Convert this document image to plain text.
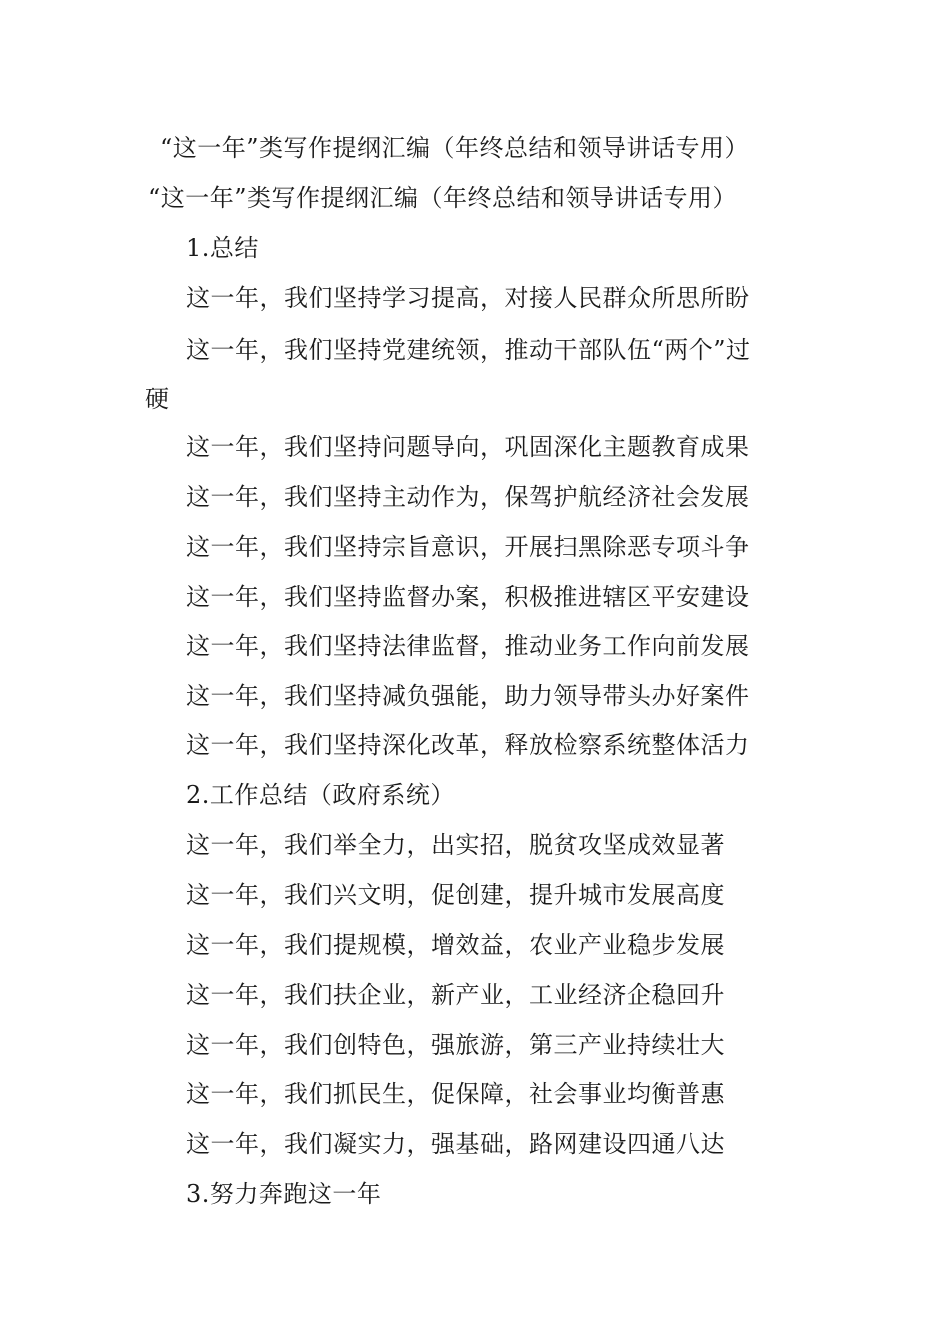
“这一年”类写作提纲汇编（年终总结和领导讲话专用）
“这一年”类写作提纲汇编（年终总结和领导讲话专用）
1.总结
这一年，我们坚持学习提高，对接人民群众所思所盼
这一年，我们坚持党建统领，推动干部队伍“两个”过
硬
这一年，我们坚持问题导向，巩固深化主题教育成果
这一年，我们坚持主动作为，保驾护航经济社会发展
这一年，我们坚持宗旨意识，开展扫黑除恶专项斗争
这一年，我们坚持监督办案，积极推进辖区平安建设
这一年，我们坚持法律监督，推动业务工作向前发展
这一年，我们坚持减负强能，助力领导带头办好案件
这一年，我们坚持深化改革，释放检察系统整体活力
2.工作总结（政府系统）
这一年，我们举全力，出实招，脱贫攻坚成效显著
这一年，我们兴文明，促创建，提升城市发展高度
这一年，我们提规模，增效益，农业产业稳步发展
这一年，我们扶企业，新产业，工业经济企稳回升
这一年，我们创特色，强旅游，第三产业持续壮大
这一年，我们抓民生，促保障，社会事业均衡普惠
这一年，我们凝实力，强基础，路网建设四通八达
3.努力奔跑这一年
